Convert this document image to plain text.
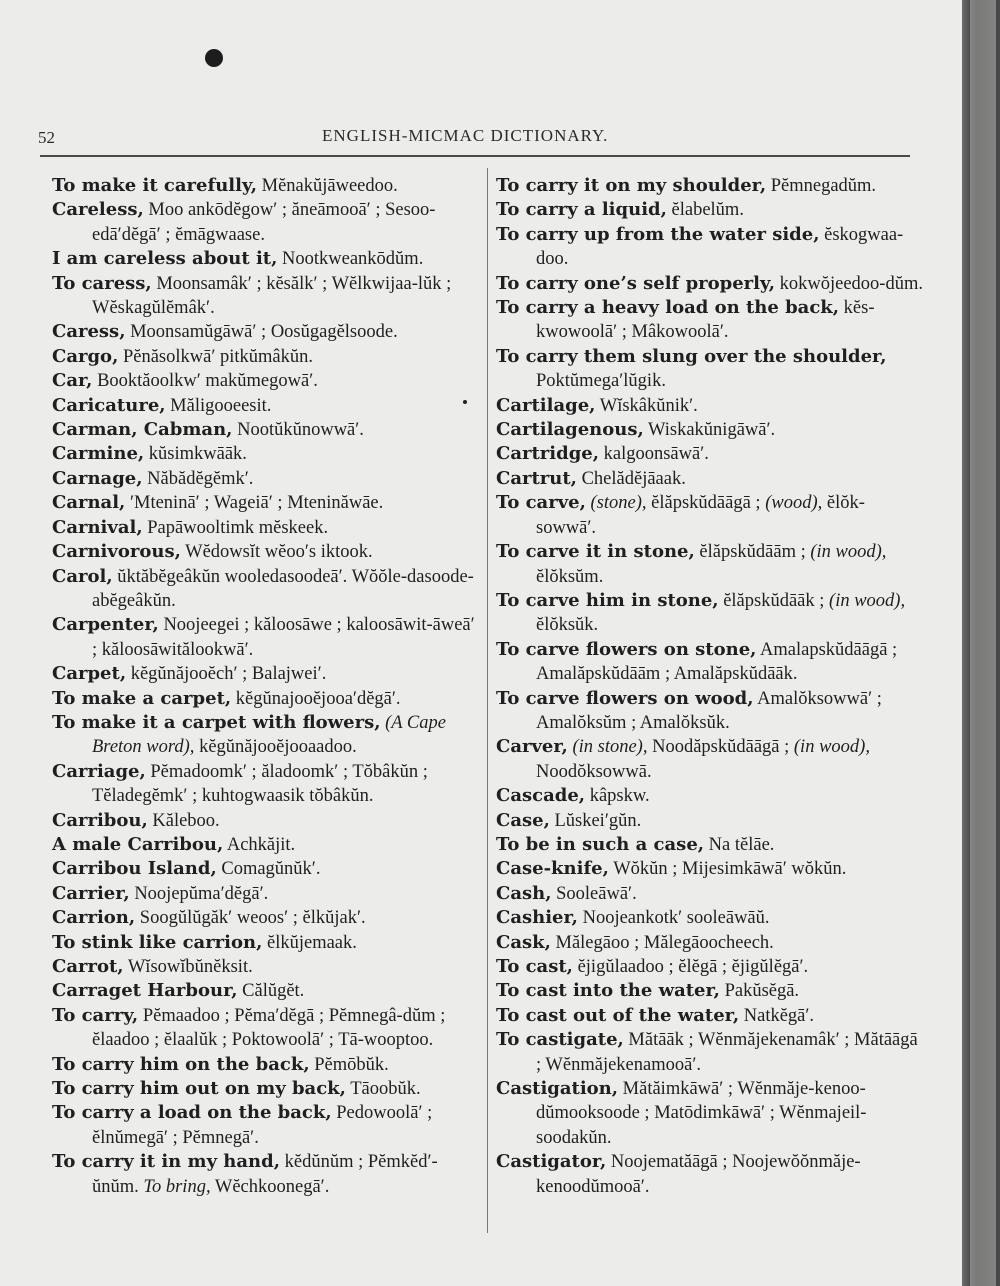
52	ENGLISH-MICMAC DICTIONARY.

To make it carefully, Mĕnakŭjāweedoo.

Careless, Moo ankōdĕgow′ ; ăneāmooā′ ; Sesoo-edā′dĕgā′ ; ĕmāgwaase.

I am careless about it, Nootkweankōdŭm.

To caress, Moonsamâk′ ; kĕsălk′ ; Wĕlkwijaa-lŭk ; Wĕskagŭlĕmâk′.

Caress, Moonsamŭgāwā′ ; Oosŭgagĕlsoode.

Cargo, Pĕnăsolkwā′ pitkŭmâkŭn.

Car, Booktăoolkw′ makŭmegowā′.

Caricature, Măligooeesit.

Carman, Cabman, Nootŭkŭnowwā′.

Carmine, kŭsimkwāāk.

Carnage, Năbădĕgĕmk′.

Carnal, ′Mteninā′ ; Wageiā′ ; Mteninăwāe.

Carnival, Papāwooltimk mĕskeek.

Carnivorous, Wĕdowsĭt wĕoo′s iktook.

Carol, ŭktăbĕgeâkŭn wooledasoodeā′. Wŏŏle-dasoode-abĕgeâkŭn.

Carpenter, Noojeegei ; kăloosāwe ; kaloosāwit-āweā′ ; kăloosāwitălookwā′.

Carpet, kĕgŭnăjooĕch′ ; Balajwei′.

To make a carpet, kĕgŭnajooĕjooa′dĕgā′.

To make it a carpet with flowers, (A Cape Breton word), kĕgŭnăjooĕjooaadoo.

Carriage, Pĕmadoomk′ ; ăladoomk′ ; Tŏbâkŭn ; Tĕladegĕmk′ ; kuhtogwaasik tŏbâkŭn.

Carribou, Kăleboo.

A male Carribou, Achkăjit.

Carribou Island, Comagŭnŭk′.

Carrier, Noojepŭma′dĕgā′.

Carrion, Soogŭlŭgăk′ weoos′ ; ĕlkŭjak′.

To stink like carrion, ĕlkŭjemaak.

Carrot, Wĭsowĭbŭnĕksit.

Carraget Harbour, Călŭgĕt.

To carry, Pĕmaadoo ; Pĕma′dĕgā ; Pĕmnegâ-dŭm ; ĕlaadoo ; ĕlaalŭk ; Poktowoolā′ ; Tā-wooptoo.

To carry him on the back, Pĕmōbŭk.

To carry him out on my back, Tāoobŭk.

To carry a load on the back, Pedowoolā′ ; ĕlnŭmegā′ ; Pĕmnegā′.

To carry it in my hand, kĕdŭnŭm ; Pĕmkĕd′-ŭnŭm. To bring, Wĕchkoonegā′.

To carry it on my shoulder, Pĕmnegadŭm.

To carry a liquid, ĕlabelŭm.

To carry up from the water side, ĕskogwaa-doo.

To carry one’s self properly, kokwŏjeedoo-dŭm.

To carry a heavy load on the back, kĕs-kwowoolā′ ; Mâkowoolā′.

To carry them slung over the shoulder, Poktŭmega′lŭgik.

Cartilage, Wĭskâkŭnik′.

Cartilagenous, Wiskakŭnigāwā′.

Cartridge, kalgoonsāwā′.

Cartrut, Chelădĕjāaak.

To carve, (stone), ĕlăpskŭdāāgā ; (wood), ĕlŏk-sowwā′.

To carve it in stone, ĕlăpskŭdāām ; (in wood), ĕlŏksŭm.

To carve him in stone, ĕlăpskŭdāāk ; (in wood), ĕlŏksŭk.

To carve flowers on stone, Amalapskŭdāāgā ; Amalăpskŭdāām ; Amalăpskŭdāāk.

To carve flowers on wood, Amalŏksowwā′ ; Amalŏksŭm ; Amalŏksŭk.

Carver, (in stone), Noodăpskŭdāāgā ; (in wood), Noodŏksowwā.

Cascade, kâpskw.

Case, Lŭskei′gŭn.

To be in such a case, Na tĕlāe.

Case-knife, Wŏkŭn ; Mijesimkāwā′ wŏkŭn.

Cash, Sooleāwā′.

Cashier, Noojeankotk′ sooleāwāŭ.

Cask, Mălegāoo ; Mălegāoocheech.

To cast, ĕjigŭlaadoo ; ĕlĕgā ; ĕjigŭlĕgā′.

To cast into the water, Pakŭsĕgā.

To cast out of the water, Natkĕgā′.

To castigate, Mătāāk ; Wĕnmăjekenamâk′ ; Mătāāgā ; Wĕnmăjekenamooā′.

Castigation, Mătăimkāwā′ ; Wĕnmăje-kenoo-dŭmooksoode ; Matōdimkāwā′ ; Wĕnmajeil-soodakŭn.

Castigator, Noojematăāgā ; Noojewŏŏnmăje-kenoodŭmooā′.
